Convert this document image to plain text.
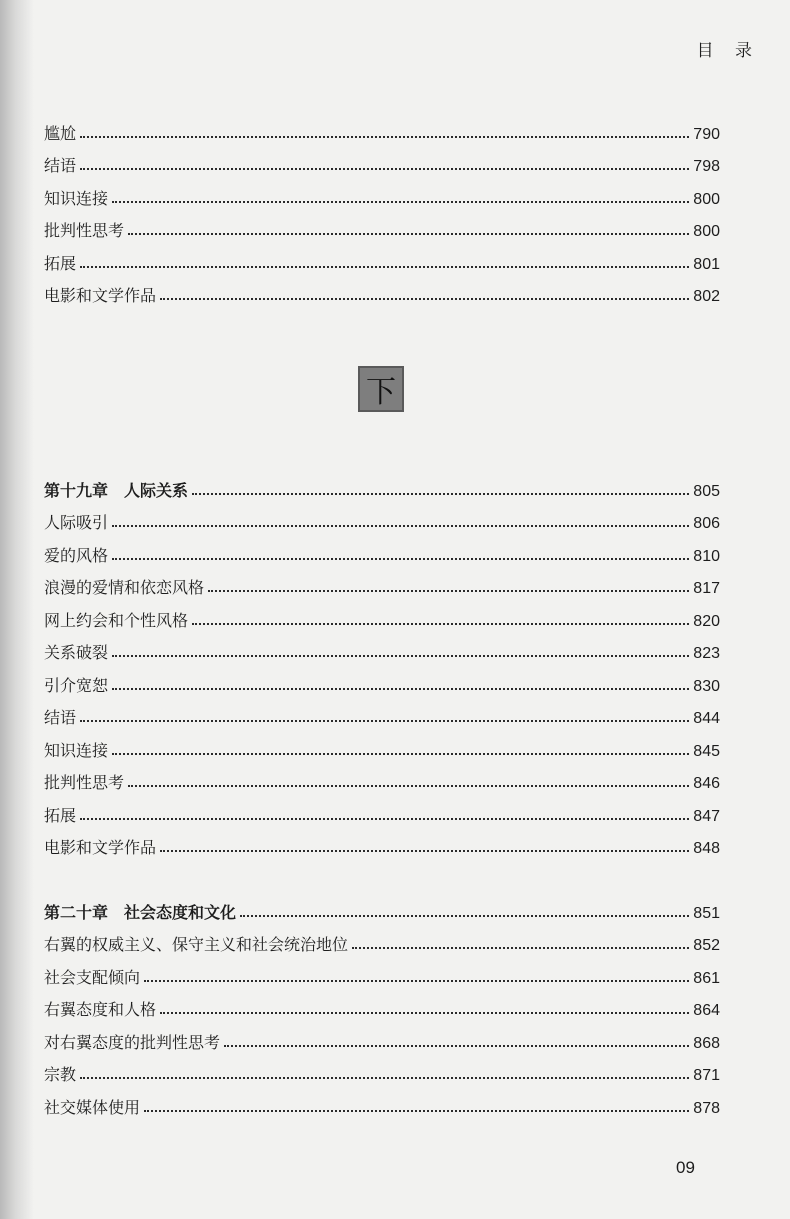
目 录
尴尬	790
结语	798
知识连接	800
批判性思考	800
拓展	801
电影和文学作品	802
下
第十九章 人际关系	805
人际吸引	806
爱的风格	810
浪漫的爱情和依恋风格	817
网上约会和个性风格	820
关系破裂	823
引介宽恕	830
结语	844
知识连接	845
批判性思考	846
拓展	847
电影和文学作品	848
第二十章 社会态度和文化	851
右翼的权威主义、保守主义和社会统治地位	852
社会支配倾向	861
右翼态度和人格	864
对右翼态度的批判性思考	868
宗教	871
社交媒体使用	878
09
